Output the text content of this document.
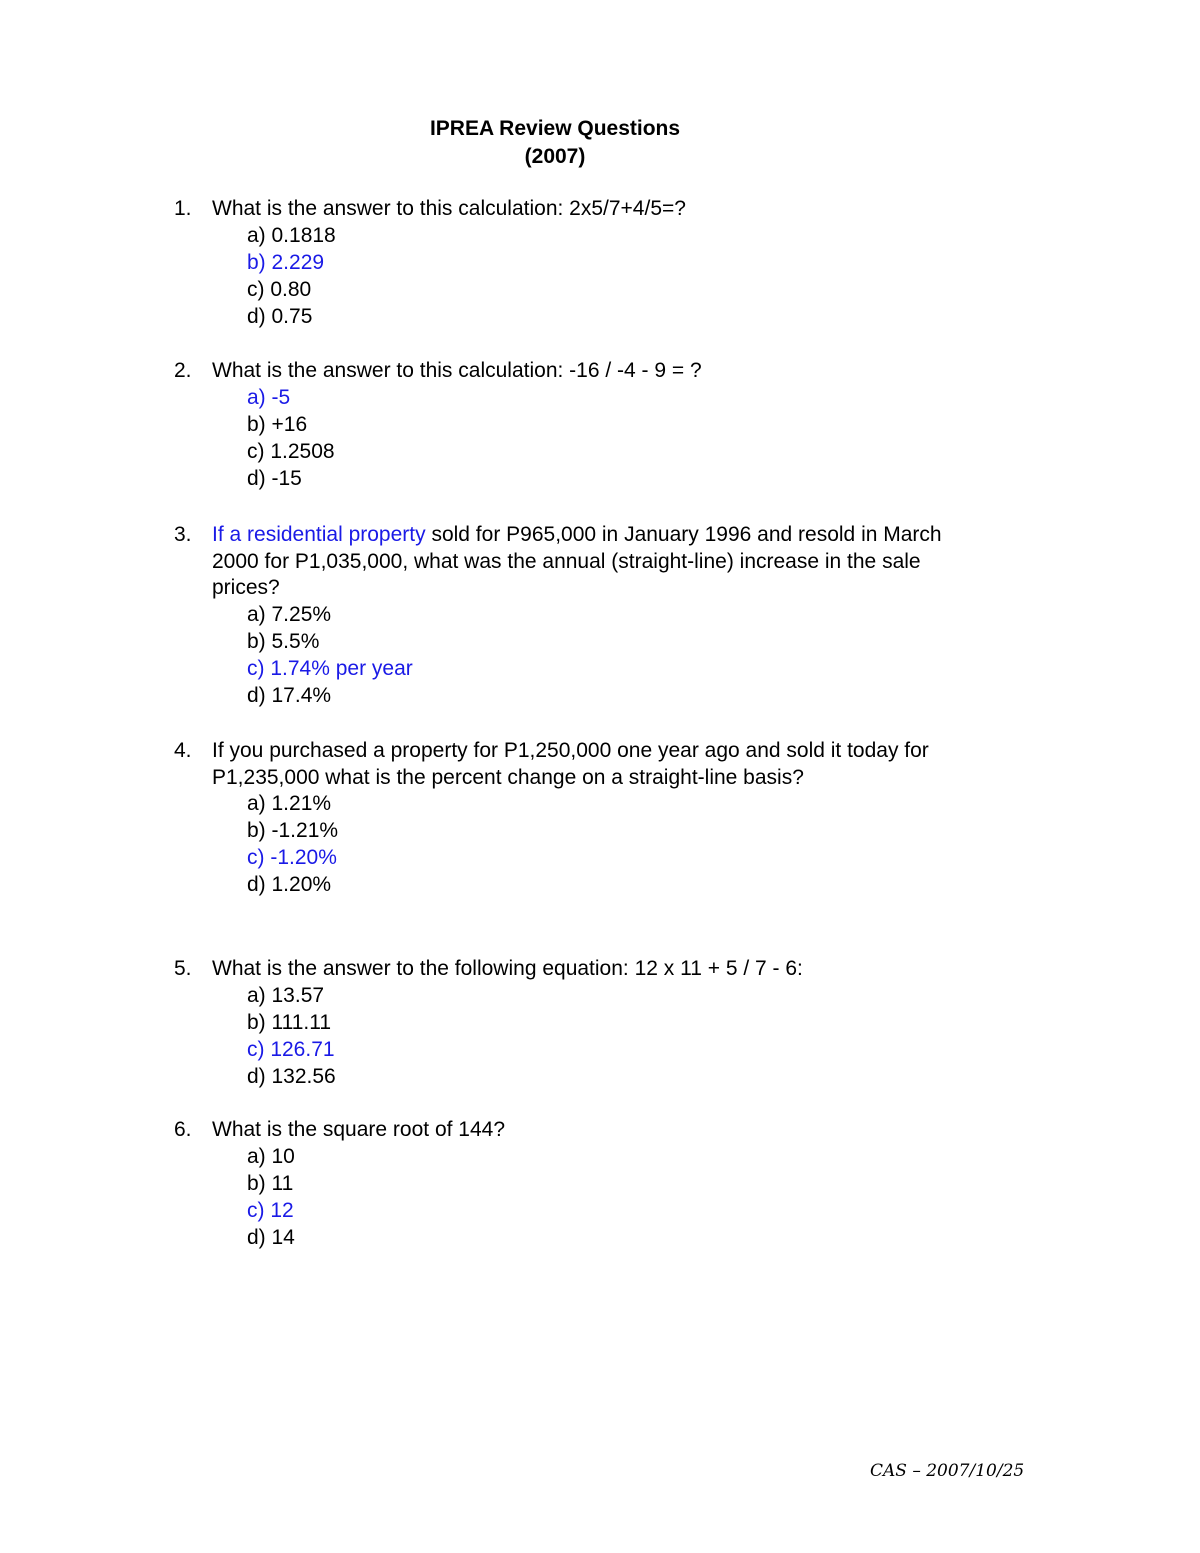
IPREA Review Questions
(2007)
1. What is the answer to this calculation: 2x5/7+4/5=?
a) 0.1818
b) 2.229
c) 0.80
d) 0.75
2. What is the answer to this calculation: -16 / -4 - 9 = ?
a) -5
b) +16
c) 1.2508
d) -15
3. If a residential property sold for P965,000 in January 1996 and resold in March 2000 for P1,035,000, what was the annual (straight-line) increase in the sale prices?
a) 7.25%
b) 5.5%
c) 1.74% per year
d) 17.4%
4. If you purchased a property for P1,250,000 one year ago and sold it today for P1,235,000 what is the percent change on a straight-line basis?
a) 1.21%
b) -1.21%
c) -1.20%
d) 1.20%
5. What is the answer to the following equation: 12 x 11 + 5 / 7 - 6:
a) 13.57
b) 111.11
c) 126.71
d) 132.56
6. What is the square root of 144?
a) 10
b) 11
c) 12
d) 14
CAS – 2007/10/25
